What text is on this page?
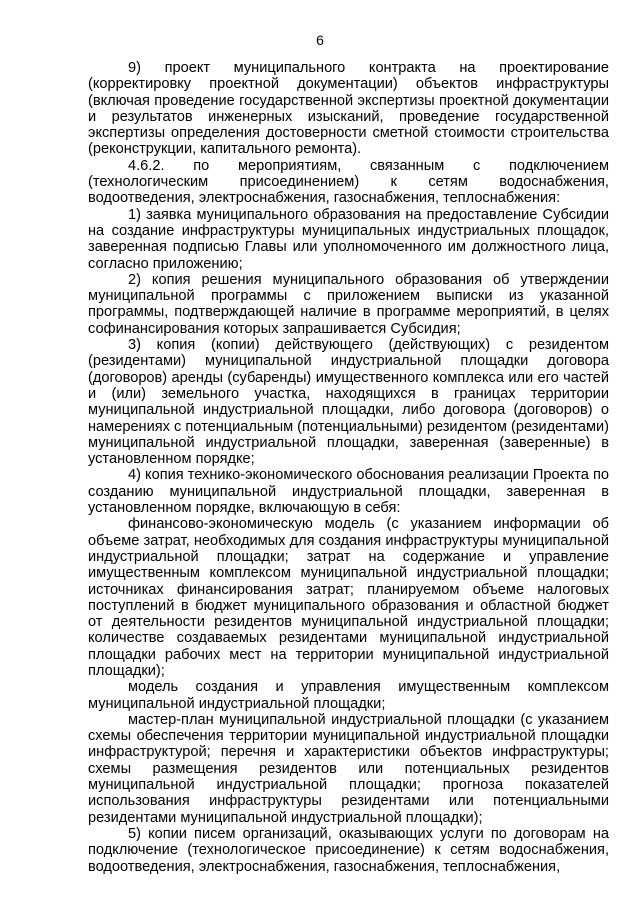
6

9) проект муниципального контракта на проектирование (корректировку проектной документации) объектов инфраструктуры (включая проведение государственной экспертизы проектной документации и результатов инженерных изысканий, проведение государственной экспертизы определения достоверности сметной стоимости строительства (реконструкции, капитального ремонта).

4.6.2. по мероприятиям, связанным с подключением (технологическим присоединением) к сетям водоснабжения, водоотведения, электроснабжения, газоснабжения, теплоснабжения:

1) заявка муниципального образования на предоставление Субсидии на создание инфраструктуры муниципальных индустриальных площадок, заверенная подписью Главы или уполномоченного им должностного лица, согласно приложению;

2) копия решения муниципального образования об утверждении муниципальной программы с приложением выписки из указанной программы, подтверждающей наличие в программе мероприятий, в целях софинансирования которых запрашивается Субсидия;

3) копия (копии) действующего (действующих) с резидентом (резидентами) муниципальной индустриальной площадки договора (договоров) аренды (субаренды) имущественного комплекса или его частей и (или) земельного участка, находящихся в границах территории муниципальной индустриальной площадки, либо договора (договоров) о намерениях с потенциальным (потенциальными) резидентом (резидентами) муниципальной индустриальной площадки, заверенная (заверенные) в установленном порядке;

4) копия технико-экономического обоснования реализации Проекта по созданию муниципальной индустриальной площадки, заверенная в установленном порядке, включающую в себя:

финансово-экономическую модель (с указанием информации об объеме затрат, необходимых для создания инфраструктуры муниципальной индустриальной площадки; затрат на содержание и управление имущественным комплексом муниципальной индустриальной площадки; источниках финансирования затрат; планируемом объеме налоговых поступлений в бюджет муниципального образования и областной бюджет от деятельности резидентов муниципальной индустриальной площадки; количестве создаваемых резидентами муниципальной индустриальной площадки рабочих мест на территории муниципальной индустриальной площадки);

модель создания и управления имущественным комплексом муниципальной индустриальной площадки;

мастер-план муниципальной индустриальной площадки (с указанием схемы обеспечения территории муниципальной индустриальной площадки инфраструктурой; перечня и характеристики объектов инфраструктуры; схемы размещения резидентов или потенциальных резидентов муниципальной индустриальной площадки; прогноза показателей использования инфраструктуры резидентами или потенциальными резидентами муниципальной индустриальной площадки);

5) копии писем организаций, оказывающих услуги по договорам на подключение (технологическое присоединение) к сетям водоснабжения, водоотведения, электроснабжения, газоснабжения, теплоснабжения,
